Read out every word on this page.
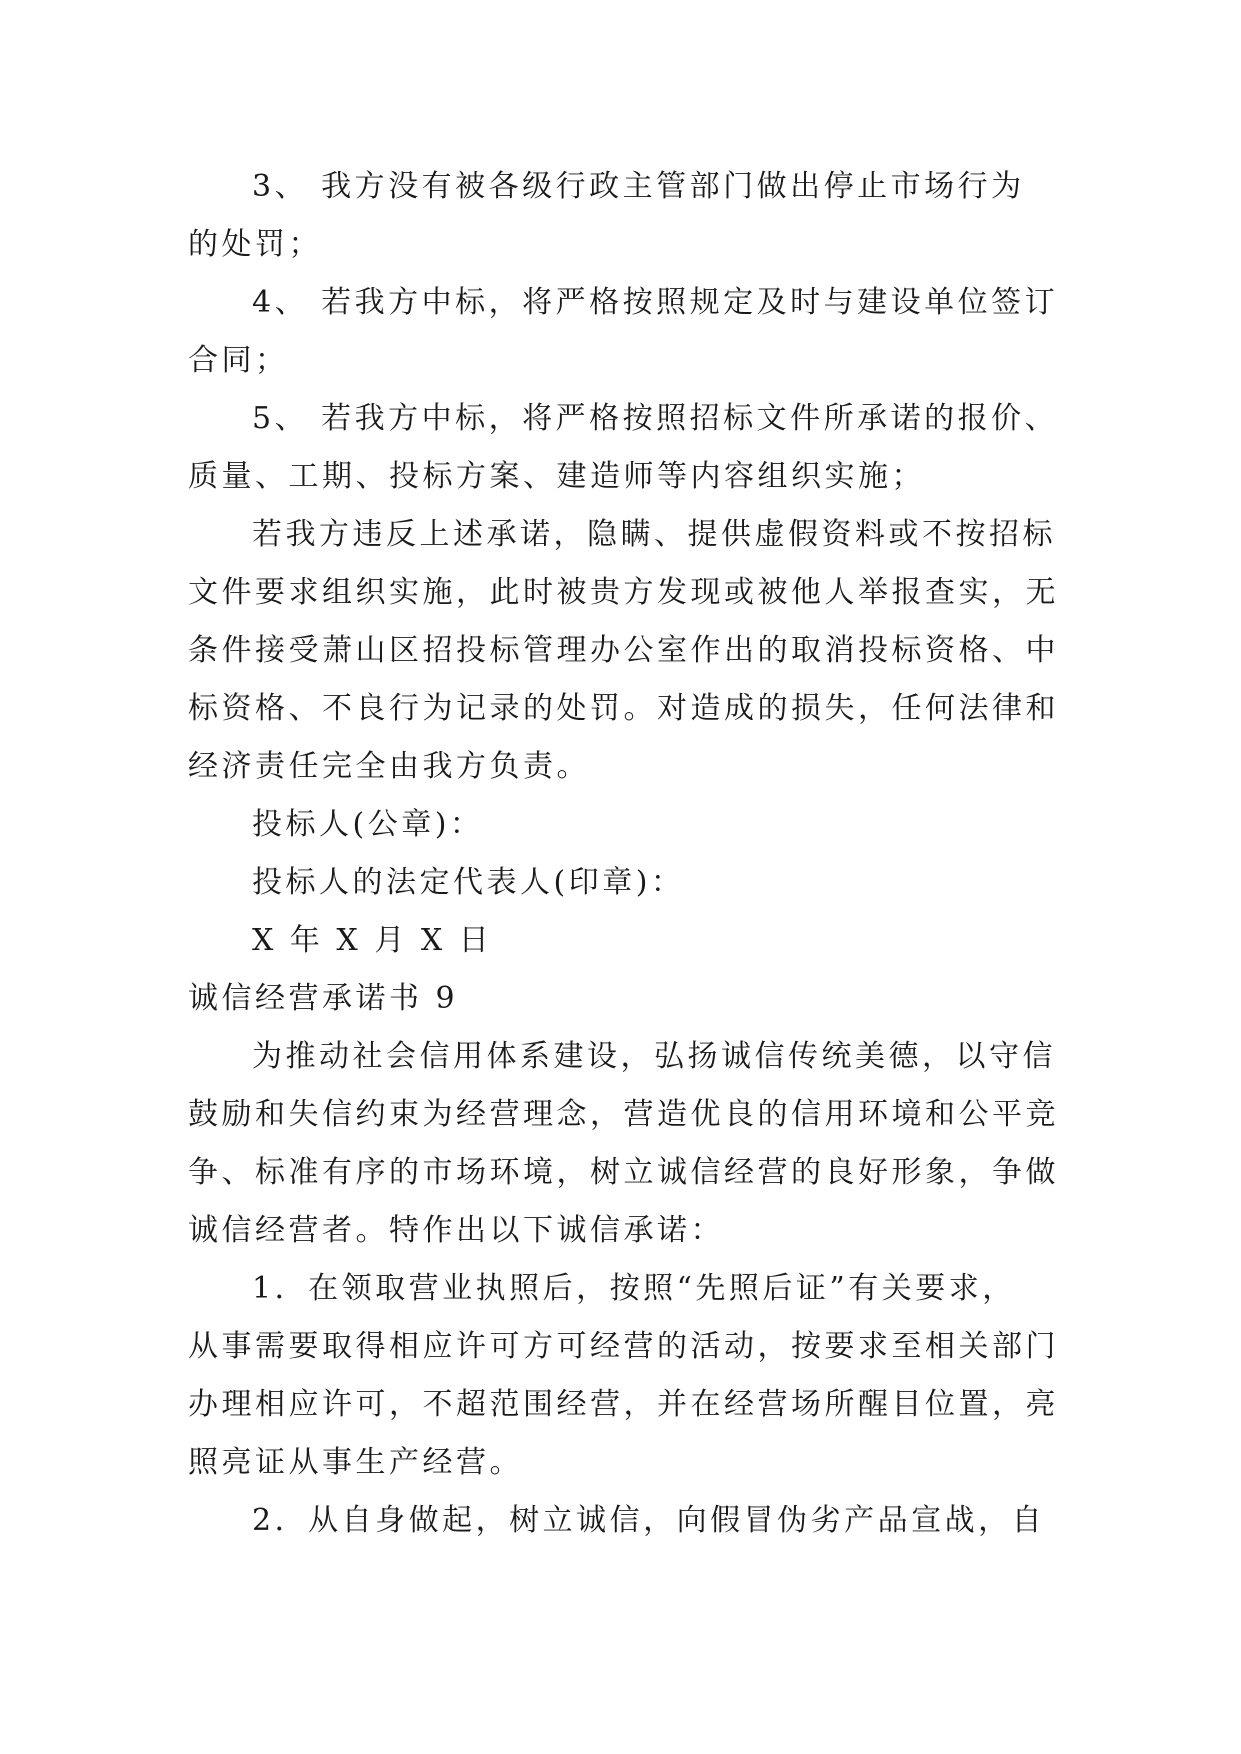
3、 我方没有被各级行政主管部门做出停止市场行为
的处罚；
4、 若我方中标，将严格按照规定及时与建设单位签订
合同；
5、 若我方中标，将严格按照招标文件所承诺的报价、
质量、工期、投标方案、建造师等内容组织实施；
若我方违反上述承诺，隐瞒、提供虚假资料或不按招标
文件要求组织实施，此时被贵方发现或被他人举报查实，无
条件接受萧山区招投标管理办公室作出的取消投标资格、中
标资格、不良行为记录的处罚。对造成的损失，任何法律和
经济责任完全由我方负责。
投标人(公章)：
投标人的法定代表人(印章)：
X 年 X 月 X 日
诚信经营承诺书 9
为推动社会信用体系建设，弘扬诚信传统美德，以守信
鼓励和失信约束为经营理念，营造优良的信用环境和公平竞
争、标准有序的市场环境，树立诚信经营的良好形象，争做
诚信经营者。特作出以下诚信承诺：
1．在领取营业执照后，按照“先照后证”有关要求，
从事需要取得相应许可方可经营的活动，按要求至相关部门
办理相应许可，不超范围经营，并在经营场所醒目位置，亮
照亮证从事生产经营。
2．从自身做起，树立诚信，向假冒伪劣产品宣战，自
